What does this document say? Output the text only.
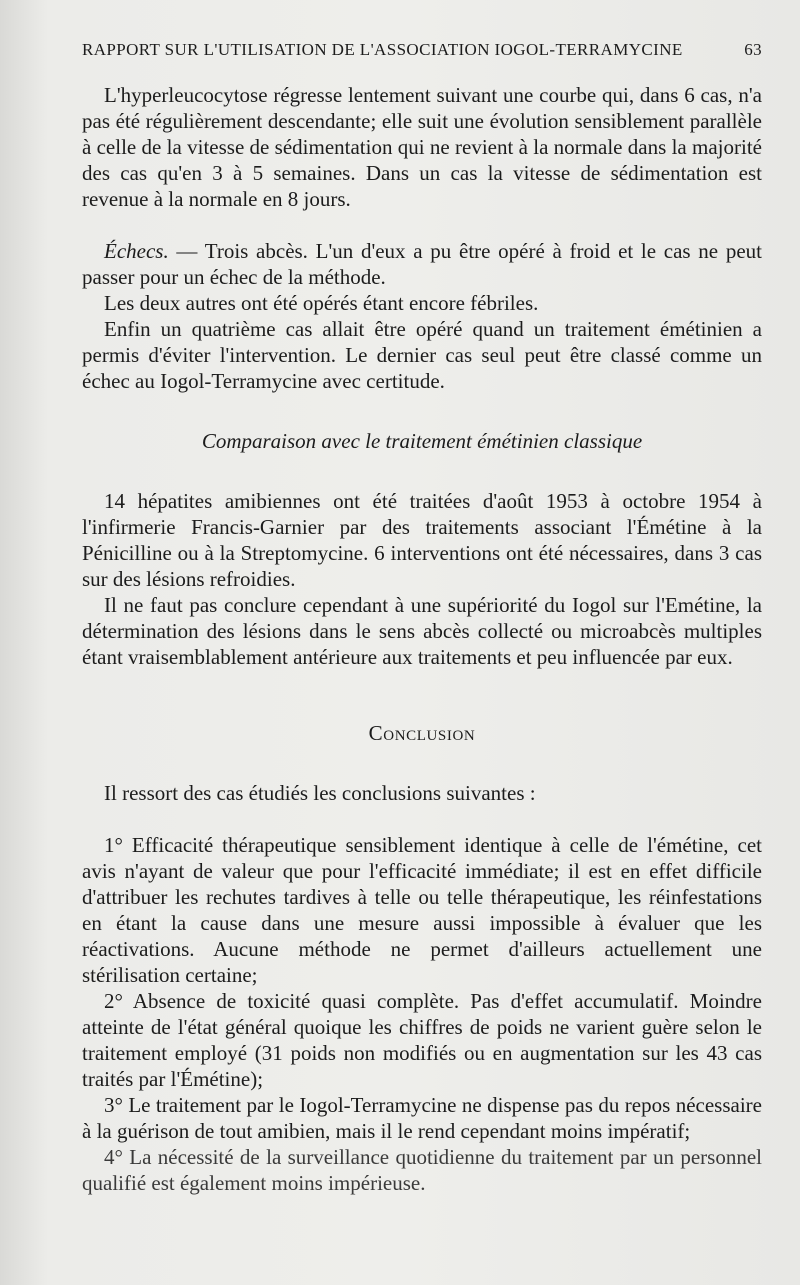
RAPPORT SUR L'UTILISATION DE L'ASSOCIATION IOGOL-TERRAMYCINE	63

L'hyperleucocytose régresse lentement suivant une courbe qui, dans 6 cas, n'a pas été régulièrement descendante; elle suit une évolution sensiblement parallèle à celle de la vitesse de sédimentation qui ne revient à la normale dans la majorité des cas qu'en 3 à 5 semaines. Dans un cas la vitesse de sédimentation est revenue à la normale en 8 jours.

Échecs. — Trois abcès. L'un d'eux a pu être opéré à froid et le cas ne peut passer pour un échec de la méthode.

Les deux autres ont été opérés étant encore fébriles.

Enfin un quatrième cas allait être opéré quand un traitement émétinien a permis d'éviter l'intervention. Le dernier cas seul peut être classé comme un échec au Iogol-Terramycine avec certitude.

Comparaison avec le traitement émétinien classique

14 hépatites amibiennes ont été traitées d'août 1953 à octobre 1954 à l'infirmerie Francis-Garnier par des traitements associant l'Émétine à la Pénicilline ou à la Streptomycine. 6 interventions ont été nécessaires, dans 3 cas sur des lésions refroidies.

Il ne faut pas conclure cependant à une supériorité du Iogol sur l'Emétine, la détermination des lésions dans le sens abcès collecté ou microabcès multiples étant vraisemblablement antérieure aux traitements et peu influencée par eux.

Conclusion

Il ressort des cas étudiés les conclusions suivantes :

1° Efficacité thérapeutique sensiblement identique à celle de l'émétine, cet avis n'ayant de valeur que pour l'efficacité immédiate; il est en effet difficile d'attribuer les rechutes tardives à telle ou telle thérapeutique, les réinfestations en étant la cause dans une mesure aussi impossible à évaluer que les réactivations. Aucune méthode ne permet d'ailleurs actuellement une stérilisation certaine;

2° Absence de toxicité quasi complète. Pas d'effet accumulatif. Moindre atteinte de l'état général quoique les chiffres de poids ne varient guère selon le traitement employé (31 poids non modifiés ou en augmentation sur les 43 cas traités par l'Émétine);

3° Le traitement par le Iogol-Terramycine ne dispense pas du repos nécessaire à la guérison de tout amibien, mais il le rend cependant moins impératif;

4° La nécessité de la surveillance quotidienne du traitement par un personnel qualifié est également moins impérieuse.
